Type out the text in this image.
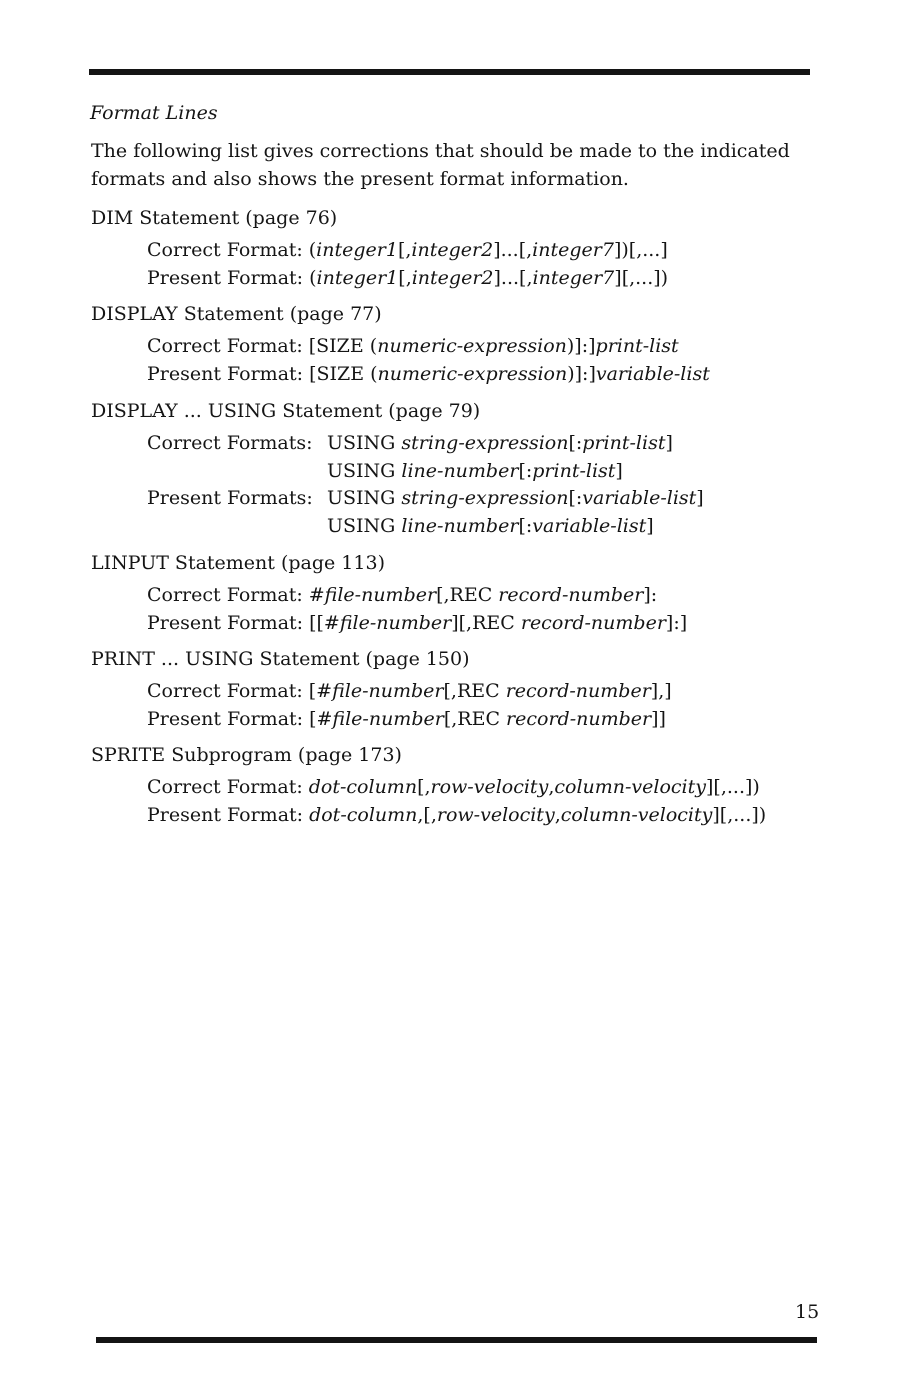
Format Lines
The following list gives corrections that should be made to the indicated formats and also shows the present format information.
DIM Statement (page 76)
Correct Format:(integer1[,integer2]...[,integer7])[,...]
Present Format:(integer1[,integer2]...[,integer7][,...])
DISPLAY Statement (page 77)
Correct Format:[SIZE (numeric-expression)]:]print-list
Present Format:[SIZE (numeric-expression)]:]variable-list
DISPLAY ... USING Statement (page 79)
Correct Formats:USING string-expression[:print-list]
USING line-number[:print-list]
Present Formats:USING string-expression[:variable-list]
USING line-number[:variable-list]
LINPUT Statement (page 113)
Correct Format:#file-number[,REC record-number]:
Present Format:[[#file-number][,REC record-number]:]
PRINT ... USING Statement (page 150)
Correct Format:[#file-number[,REC record-number],]
Present Format:[#file-number[,REC record-number]]
SPRITE Subprogram (page 173)
Correct Format:dot-column[,row-velocity,column-velocity][,...])
Present Format:dot-column,[,row-velocity,column-velocity][,...])
15
